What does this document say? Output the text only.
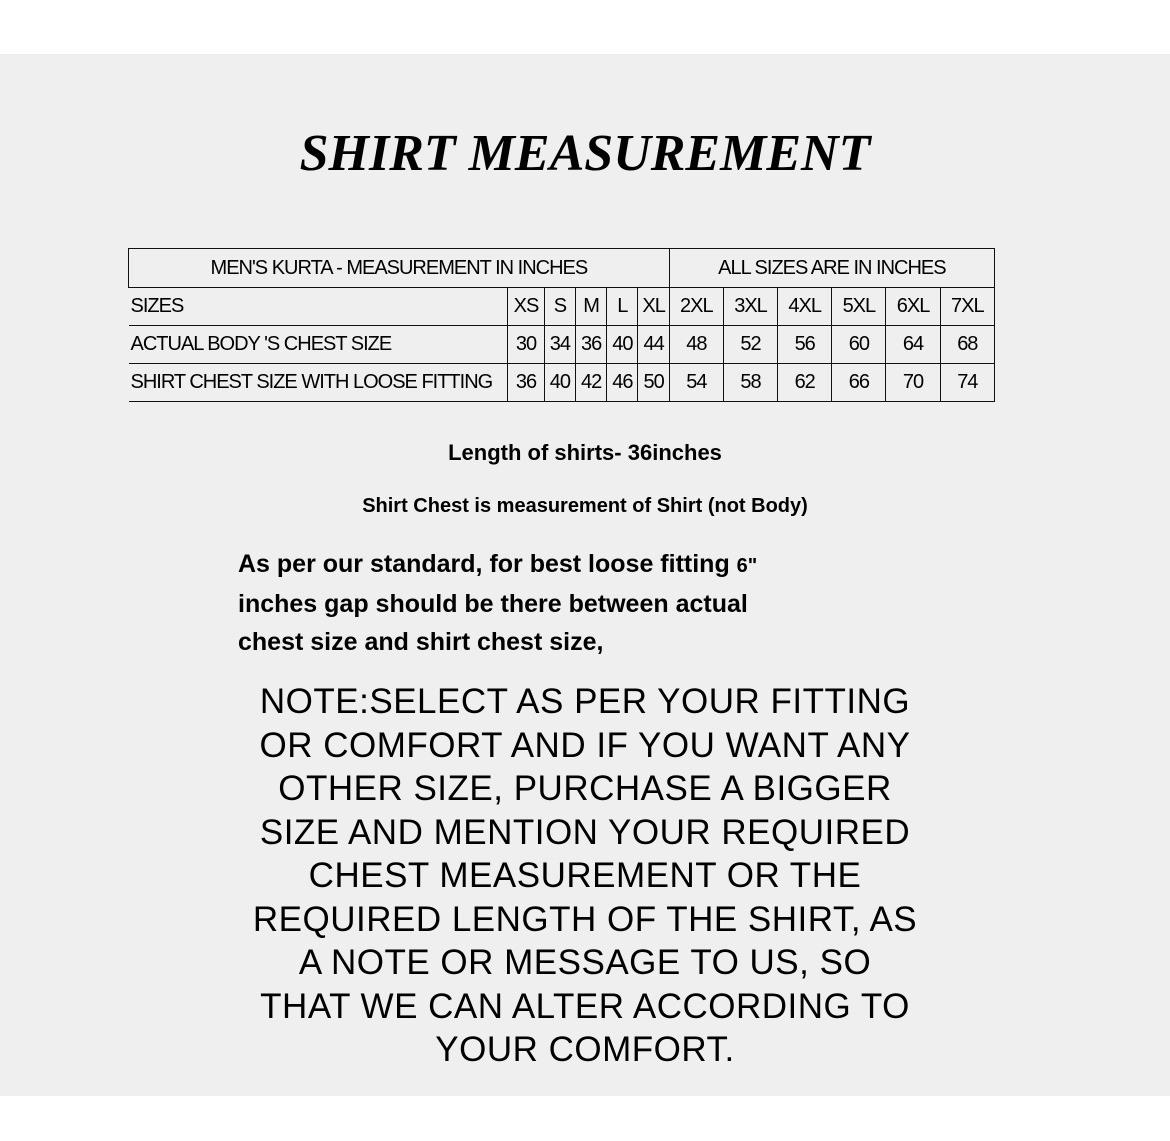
SHIRT MEASUREMENT
MEN'S KURTA - MEASUREMENT IN INCHES						ALL SIZES ARE IN INCHES					
SIZES	XS	S	M	L	XL	2XL	3XL	4XL	5XL	6XL	7XL
ACTUAL BODY 'S CHEST SIZE	30	34	36	40	44	48	52	56	60	64	68
SHIRT CHEST SIZE WITH LOOSE FITTING	36	40	42	46	50	54	58	62	66	70	74
Length of shirts- 36inches
Shirt Chest is measurement of Shirt (not Body)
As per our standard, for best loose fitting 6"
inches gap should be there between actual
chest size and shirt chest size,
NOTE:SELECT AS PER YOUR FITTING
OR COMFORT AND IF YOU WANT ANY
OTHER SIZE, PURCHASE A BIGGER
SIZE AND MENTION YOUR REQUIRED
CHEST MEASUREMENT OR THE
REQUIRED LENGTH OF THE SHIRT, AS
A NOTE OR MESSAGE TO US, SO
THAT WE CAN ALTER ACCORDING TO
YOUR COMFORT.
